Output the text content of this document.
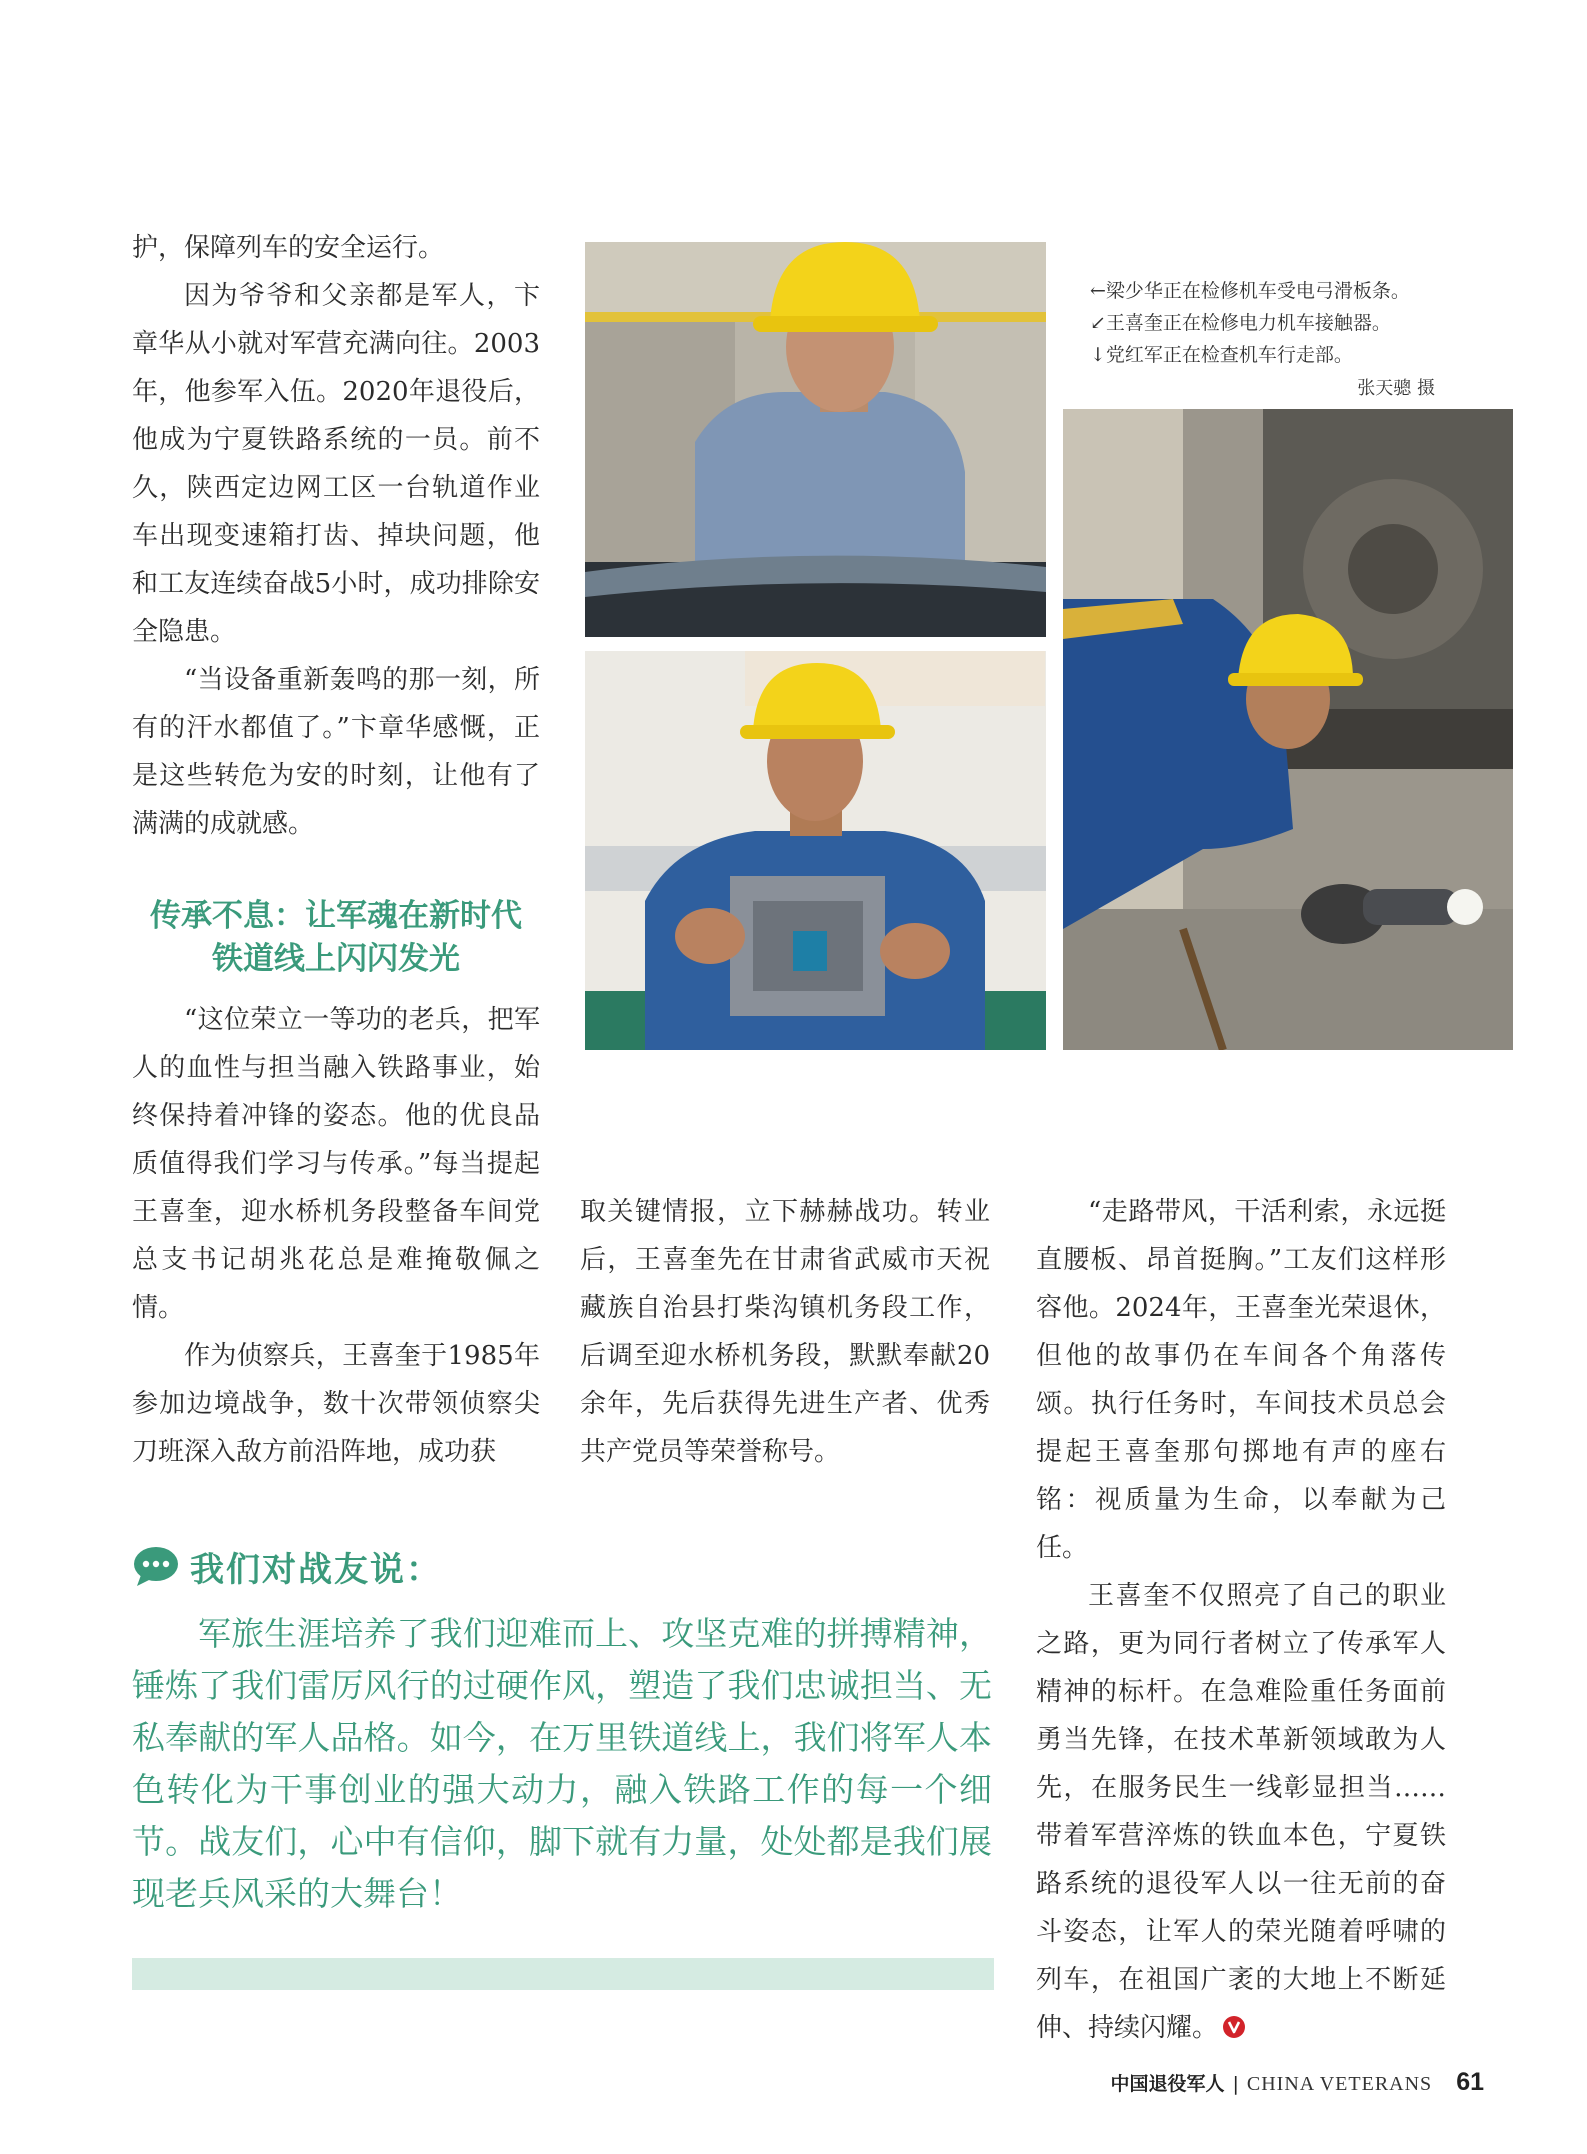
护，保障列车的安全运行。

因为爷爷和父亲都是军人，卞章华从小就对军营充满向往。2003年，他参军入伍。2020年退役后，他成为宁夏铁路系统的一员。前不久，陕西定边网工区一台轨道作业车出现变速箱打齿、掉块问题，他和工友连续奋战5小时，成功排除安全隐患。

“当设备重新轰鸣的那一刻，所有的汗水都值了。”卞章华感慨，正是这些转危为安的时刻，让他有了满满的成就感。

传承不息：让军魂在新时代
铁道线上闪闪发光

“这位荣立一等功的老兵，把军人的血性与担当融入铁路事业，始终保持着冲锋的姿态。他的优良品质值得我们学习与传承。”每当提起王喜奎，迎水桥机务段整备车间党总支书记胡兆花总是难掩敬佩之情。

作为侦察兵，王喜奎于1985年参加边境战争，数十次带领侦察尖刀班深入敌方前沿阵地，成功获

取关键情报，立下赫赫战功。转业后，王喜奎先在甘肃省武威市天祝藏族自治县打柴沟镇机务段工作，后调至迎水桥机务段，默默奉献20余年，先后获得先进生产者、优秀共产党员等荣誉称号。

“走路带风，干活利索，永远挺直腰板、昂首挺胸。”工友们这样形容他。2024年，王喜奎光荣退休，但他的故事仍在车间各个角落传颂。执行任务时，车间技术员总会提起王喜奎那句掷地有声的座右铭：视质量为生命，以奉献为己任。

王喜奎不仅照亮了自己的职业之路，更为同行者树立了传承军人精神的标杆。在急难险重任务面前勇当先锋，在技术革新领域敢为人先，在服务民生一线彰显担当……带着军营淬炼的铁血本色，宁夏铁路系统的退役军人以一往无前的奋斗姿态，让军人的荣光随着呼啸的列车，在祖国广袤的大地上不断延伸、持续闪耀。

←梁少华正在检修机车受电弓滑板条。
↙王喜奎正在检修电力机车接触器。
↓党红军正在检查机车行走部。
张天骢 摄
我们对战友说：

军旅生涯培养了我们迎难而上、攻坚克难的拼搏精神，锤炼了我们雷厉风行的过硬作风，塑造了我们忠诚担当、无私奉献的军人品格。如今，在万里铁道线上，我们将军人本色转化为干事创业的强大动力，融入铁路工作的每一个细节。战友们，心中有信仰，脚下就有力量，处处都是我们展现老兵风采的大舞台！

中国退役军人 | CHINA VETERANS 61
